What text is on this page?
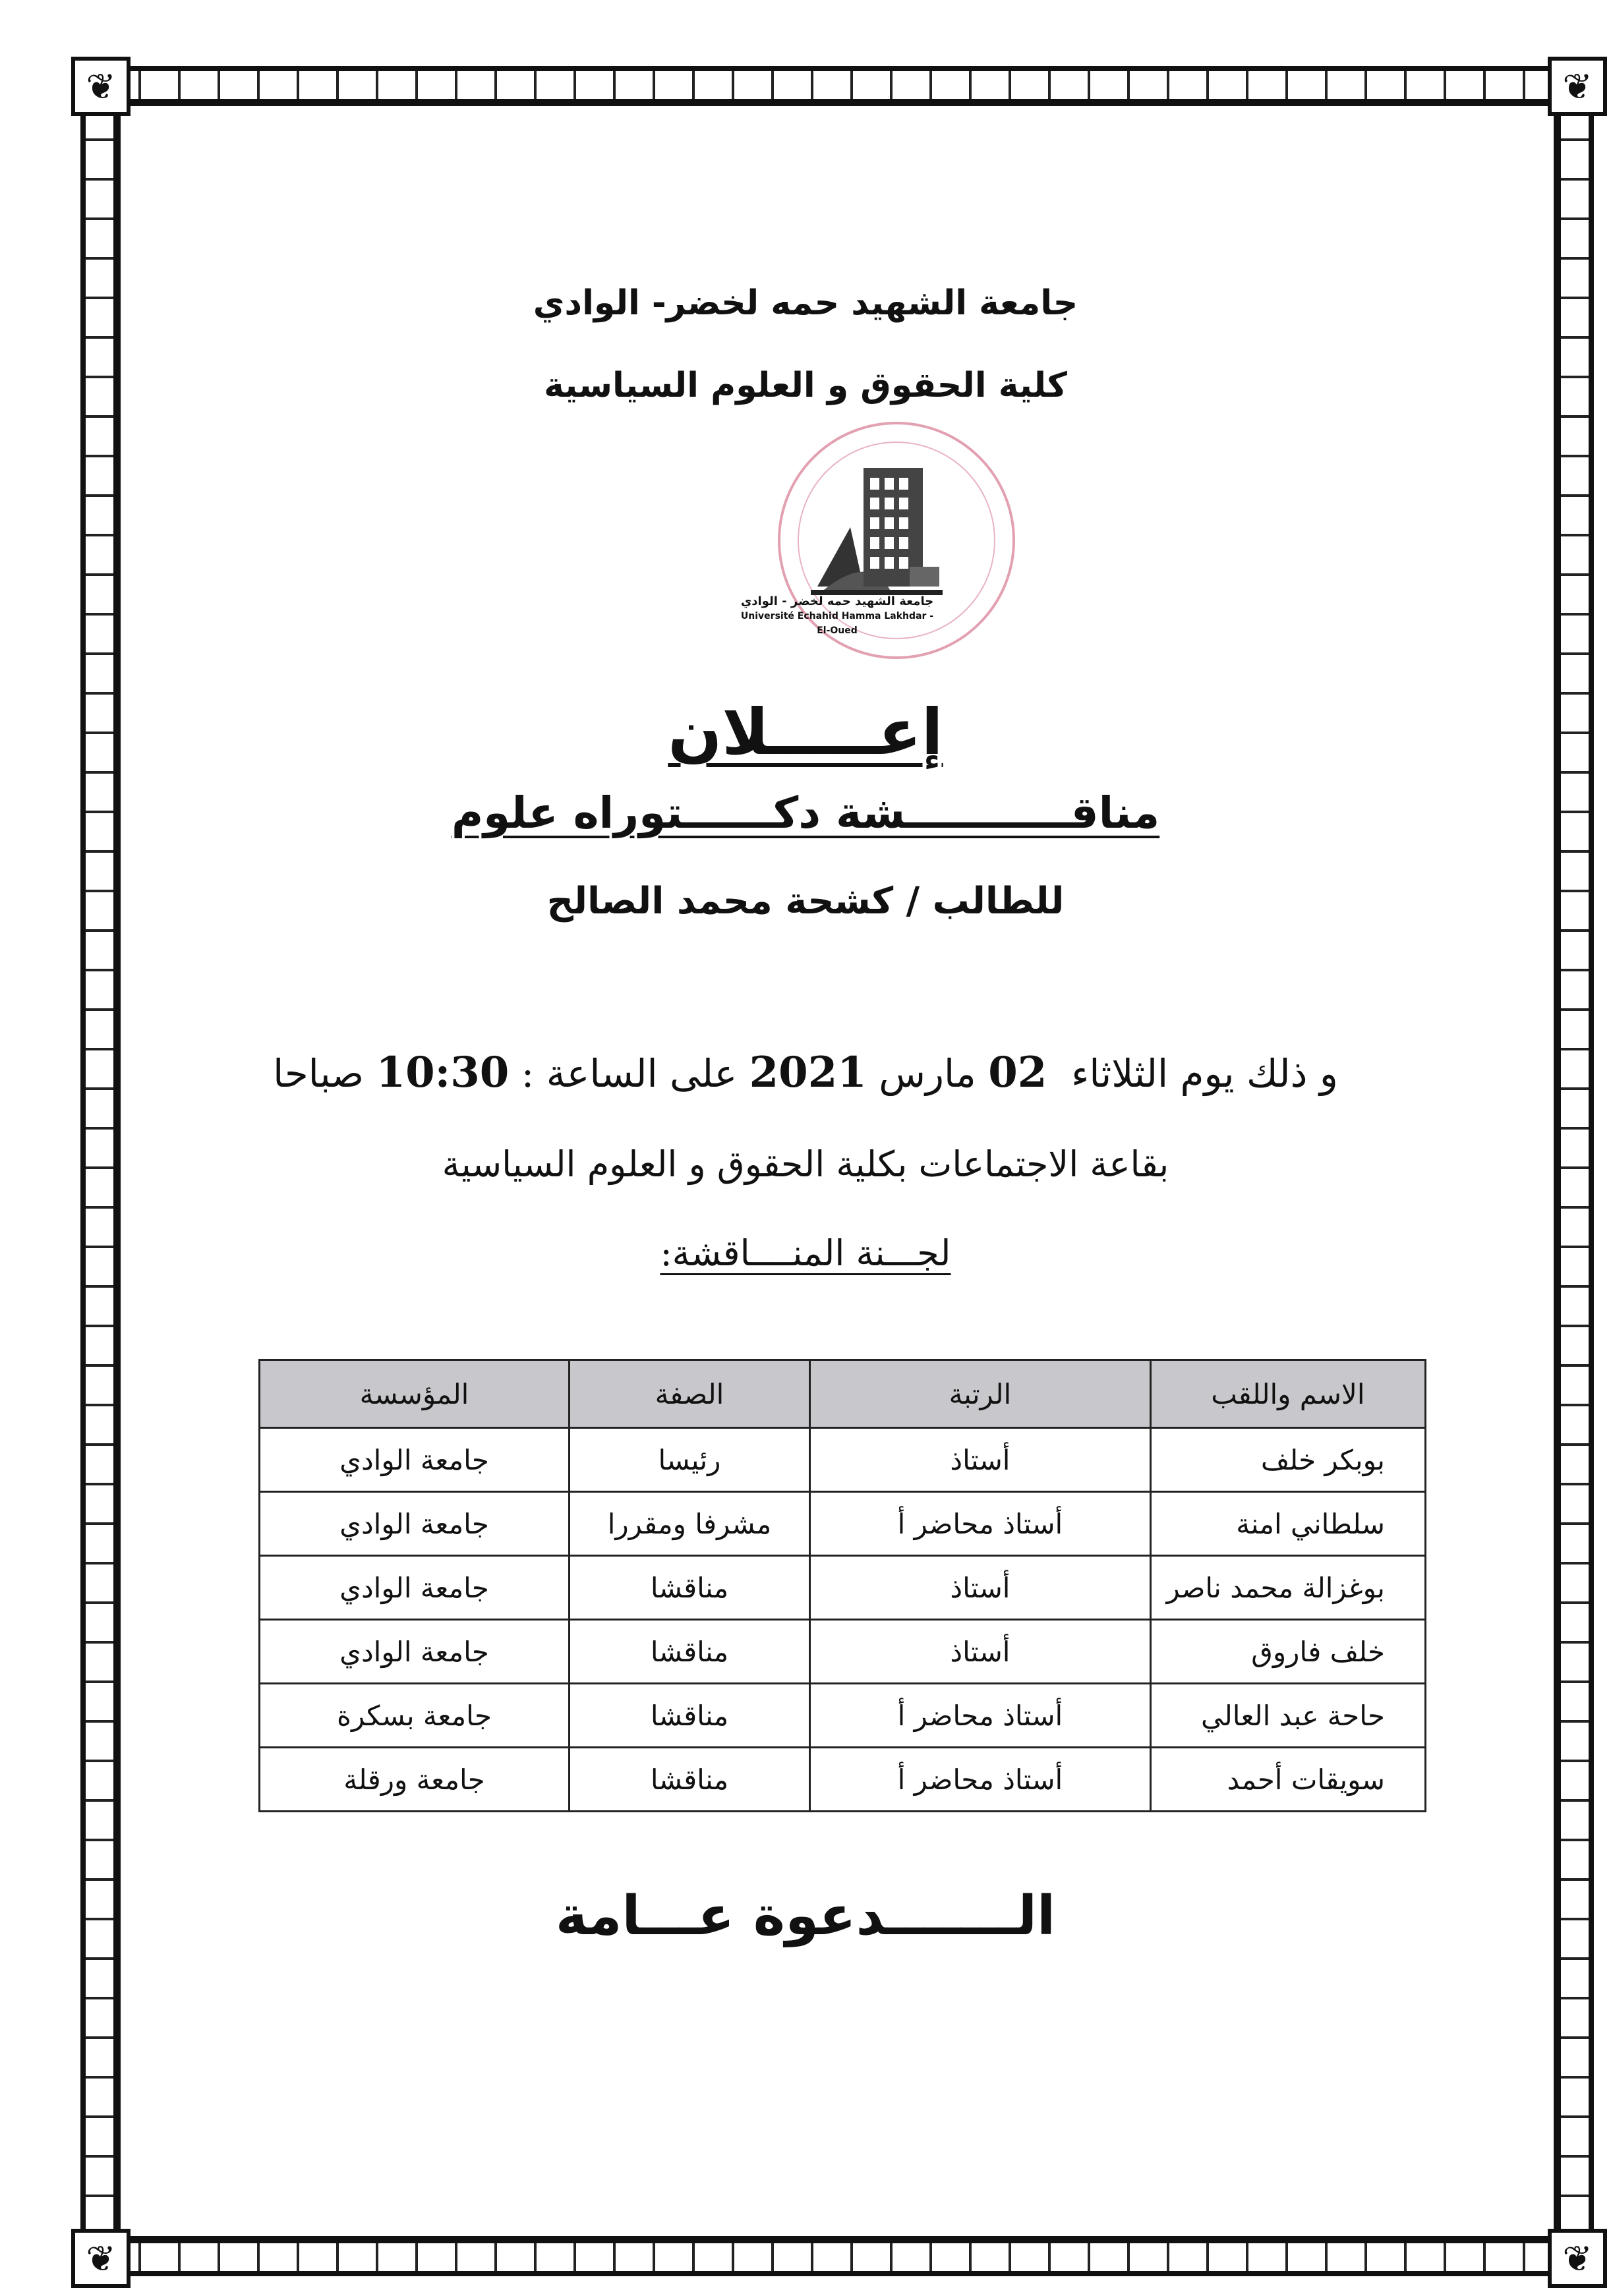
❦	❦
❦	❦
جامعة الشهيد حمه لخضر- الوادي
كلية الحقوق و العلوم السياسية
جامعة الشهيد حمه لخضر - الوادي
Université Echahid Hamma Lakhdar - El-Oued
إعـــــلان
مناقـــــــــــشة دكــــــتوراه علوم
للطالب / كشحة محمد الصالح
و ذلك يوم الثلاثاء  02 مارس 2021 على الساعة : 10:30 صباحا
بقاعة الاجتماعات بكلية الحقوق و العلوم السياسية
لجـــنة المنــــاقشة:
الاسم واللقب	الرتبة	الصفة	المؤسسة
بوبكر خلف	أستاذ	رئيسا	جامعة الوادي
سلطاني امنة	أستاذ محاضر أ	مشرفا ومقررا	جامعة الوادي
بوغزالة محمد ناصر	أستاذ	مناقشا	جامعة الوادي
خلف فاروق	أستاذ	مناقشا	جامعة الوادي
حاحة عبد العالي	أستاذ محاضر أ	مناقشا	جامعة بسكرة
سويقات أحمد	أستاذ محاضر أ	مناقشا	جامعة ورقلة
الـــــــدعوة عـــامة
